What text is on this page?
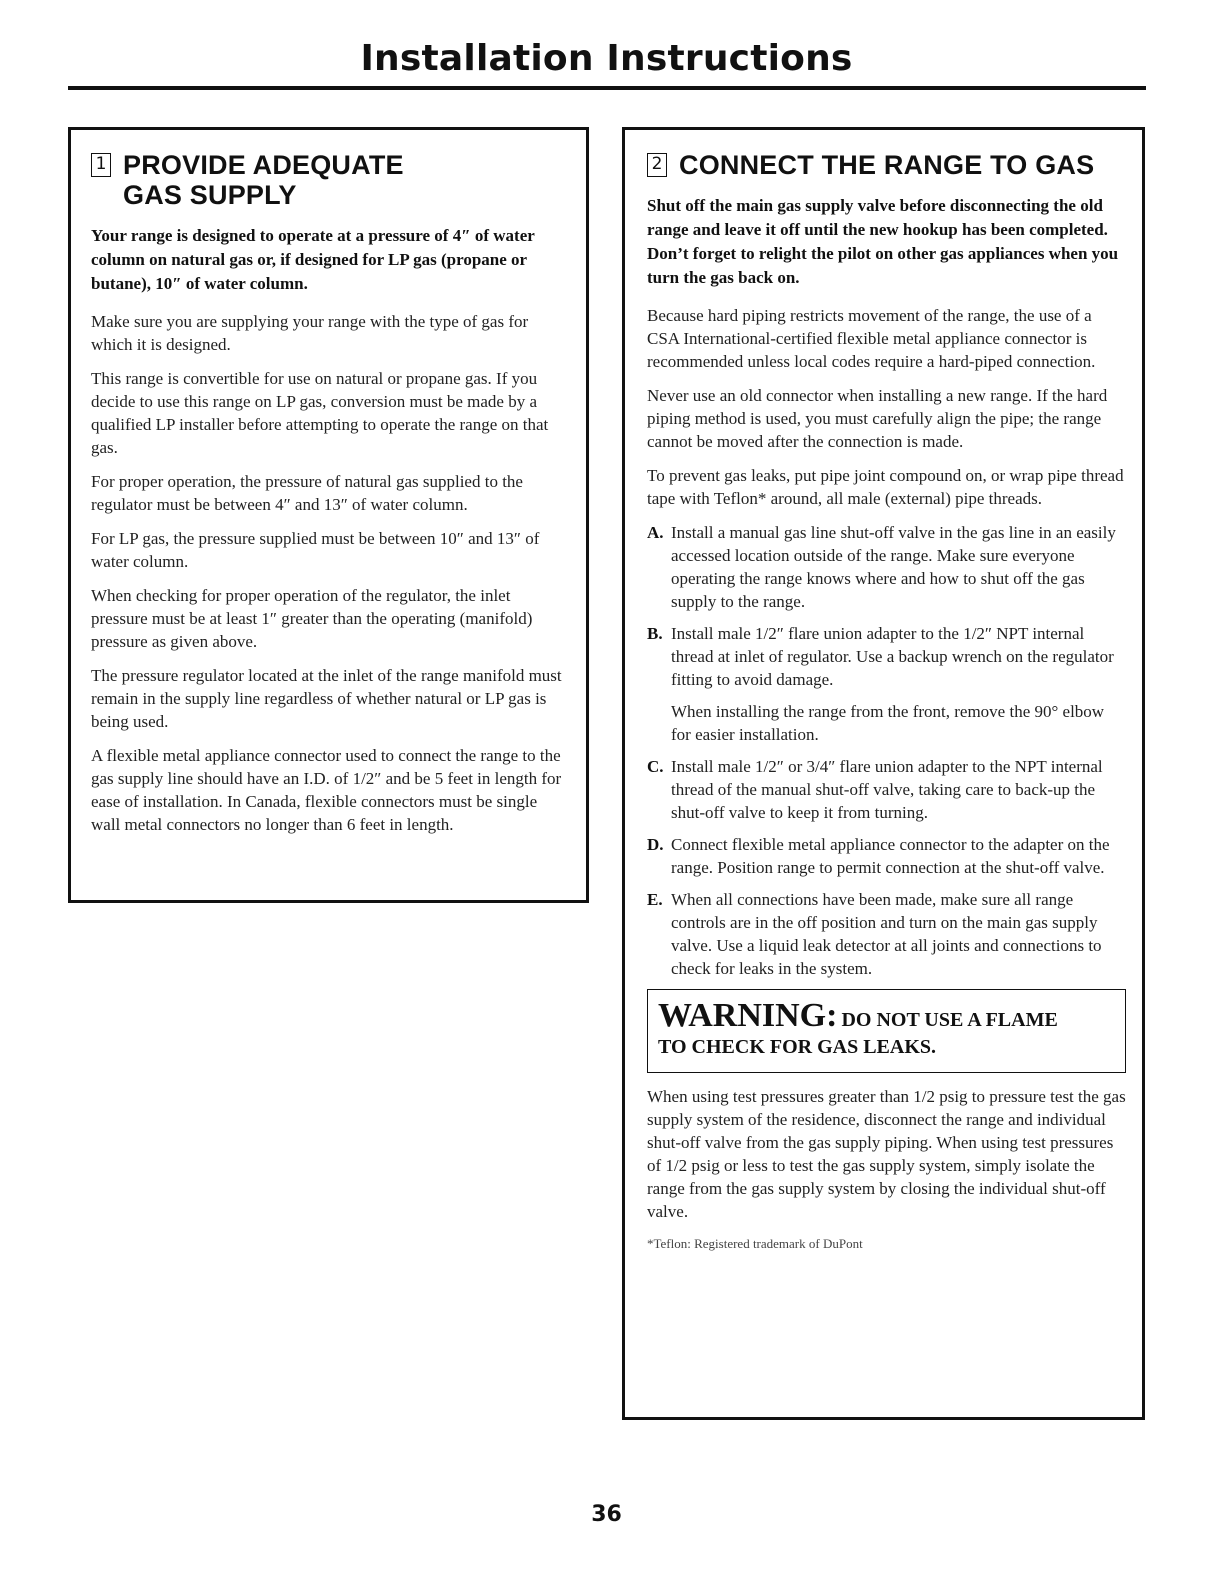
Installation Instructions
1 PROVIDE ADEQUATE
GAS SUPPLY

Your range is designed to operate at a pressure of 4″ of water column on natural gas or, if designed for LP gas (propane or butane), 10″ of water column.

Make sure you are supplying your range with the type of gas for which it is designed.

This range is convertible for use on natural or propane gas. If you decide to use this range on LP gas, conversion must be made by a qualified LP installer before attempting to operate the range on that gas.

For proper operation, the pressure of natural gas supplied to the regulator must be between 4″ and 13″ of water column.

For LP gas, the pressure supplied must be between 10″ and 13″ of water column.

When checking for proper operation of the regulator, the inlet pressure must be at least 1″ greater than the operating (manifold) pressure as given above.

The pressure regulator located at the inlet of the range manifold must remain in the supply line regardless of whether natural or LP gas is being used.

A flexible metal appliance connector used to connect the range to the gas supply line should have an I.D. of 1/2″ and be 5 feet in length for ease of installation. In Canada, flexible connectors must be single wall metal connectors no longer than 6 feet in length.

2 CONNECT THE RANGE TO GAS

Shut off the main gas supply valve before disconnecting the old range and leave it off until the new hookup has been completed. Don’t forget to relight the pilot on other gas appliances when you turn the gas back on.

Because hard piping restricts movement of the range, the use of a CSA International-certified flexible metal appliance connector is recommended unless local codes require a hard-piped connection.

Never use an old connector when installing a new range. If the hard piping method is used, you must carefully align the pipe; the range cannot be moved after the connection is made.

To prevent gas leaks, put pipe joint compound on, or wrap pipe thread tape with Teflon* around, all male (external) pipe threads.

A. Install a manual gas line shut-off valve in the gas line in an easily accessed location outside of the range. Make sure everyone operating the range knows where and how to shut off the gas supply to the range.
B. Install male 1/2″ flare union adapter to the 1/2″ NPT internal thread at inlet of regulator. Use a backup wrench on the regulator fitting to avoid damage.

When installing the range from the front, remove the 90° elbow for easier installation.

C. Install male 1/2″ or 3/4″ flare union adapter to the NPT internal thread of the manual shut-off valve, taking care to back-up the shut-off valve to keep it from turning.
D. Connect flexible metal appliance connector to the adapter on the range. Position range to permit connection at the shut-off valve.
E. When all connections have been made, make sure all range controls are in the off position and turn on the main gas supply valve. Use a liquid leak detector at all joints and connections to check for leaks in the system.
WARNING: DO NOT USE A FLAME
TO CHECK FOR GAS LEAKS.

When using test pressures greater than 1/2 psig to pressure test the gas supply system of the residence, disconnect the range and individual shut-off valve from the gas supply piping. When using test pressures of 1/2 psig or less to test the gas supply system, simply isolate the range from the gas supply system by closing the individual shut-off valve.

*Teflon: Registered trademark of DuPont
36
